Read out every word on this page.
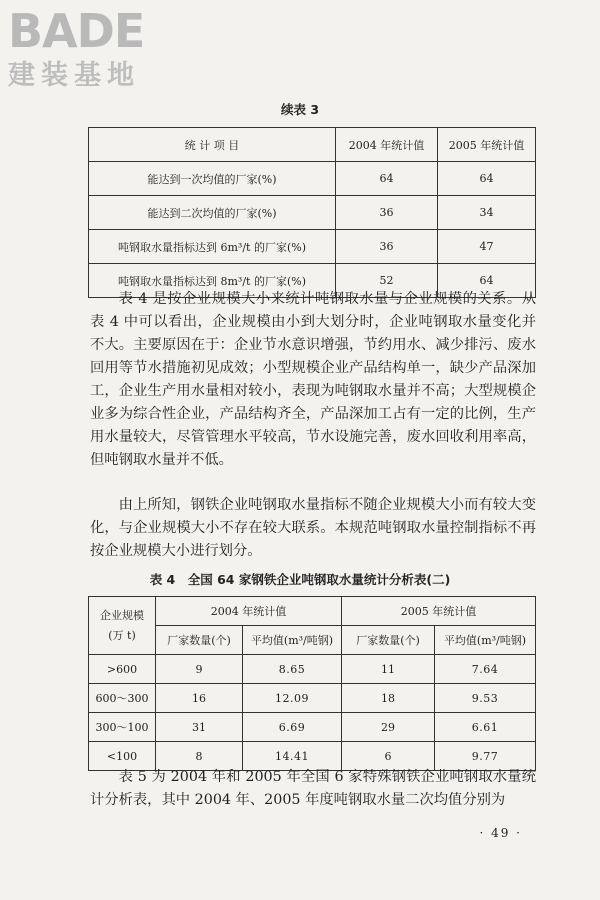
BADE
建装基地
续表 3
统 计 项 目	2004 年统计值	2005 年统计值
能达到一次均值的厂家(%)	64	64
能达到二次均值的厂家(%)	36	34
吨钢取水量指标达到 6m³/t 的厂家(%)	36	47
吨钢取水量指标达到 8m³/t 的厂家(%)	52	64

表 4 是按企业规模大小来统计吨钢取水量与企业规模的关系。从表 4 中可以看出，企业规模由小到大划分时，企业吨钢取水量变化并不大。主要原因在于：企业节水意识增强，节约用水、减少排污、废水回用等节水措施初见成效；小型规模企业产品结构单一，缺少产品深加工，企业生产用水量相对较小，表现为吨钢取水量并不高；大型规模企业多为综合性企业，产品结构齐全，产品深加工占有一定的比例，生产用水量较大，尽管管理水平较高，节水设施完善，废水回收利用率高，但吨钢取水量并不低。

由上所知，钢铁企业吨钢取水量指标不随企业规模大小而有较大变化，与企业规模大小不存在较大联系。本规范吨钢取水量控制指标不再按企业规模大小进行划分。

表 4　全国 64 家钢铁企业吨钢取水量统计分析表(二)
企业规模
(万 t)	2004 年统计值		2005 年统计值	
	厂家数量(个)	平均值(m³/吨钢)	厂家数量(个)	平均值(m³/吨钢)
>600	9	8.65	11	7.64
600～300	16	12.09	18	9.53
300～100	31	6.69	29	6.61
<100	8	14.41	6	9.77

表 5 为 2004 年和 2005 年全国 6 家特殊钢铁企业吨钢取水量统计分析表，其中 2004 年、2005 年度吨钢取水量二次均值分别为

· 49 ·
